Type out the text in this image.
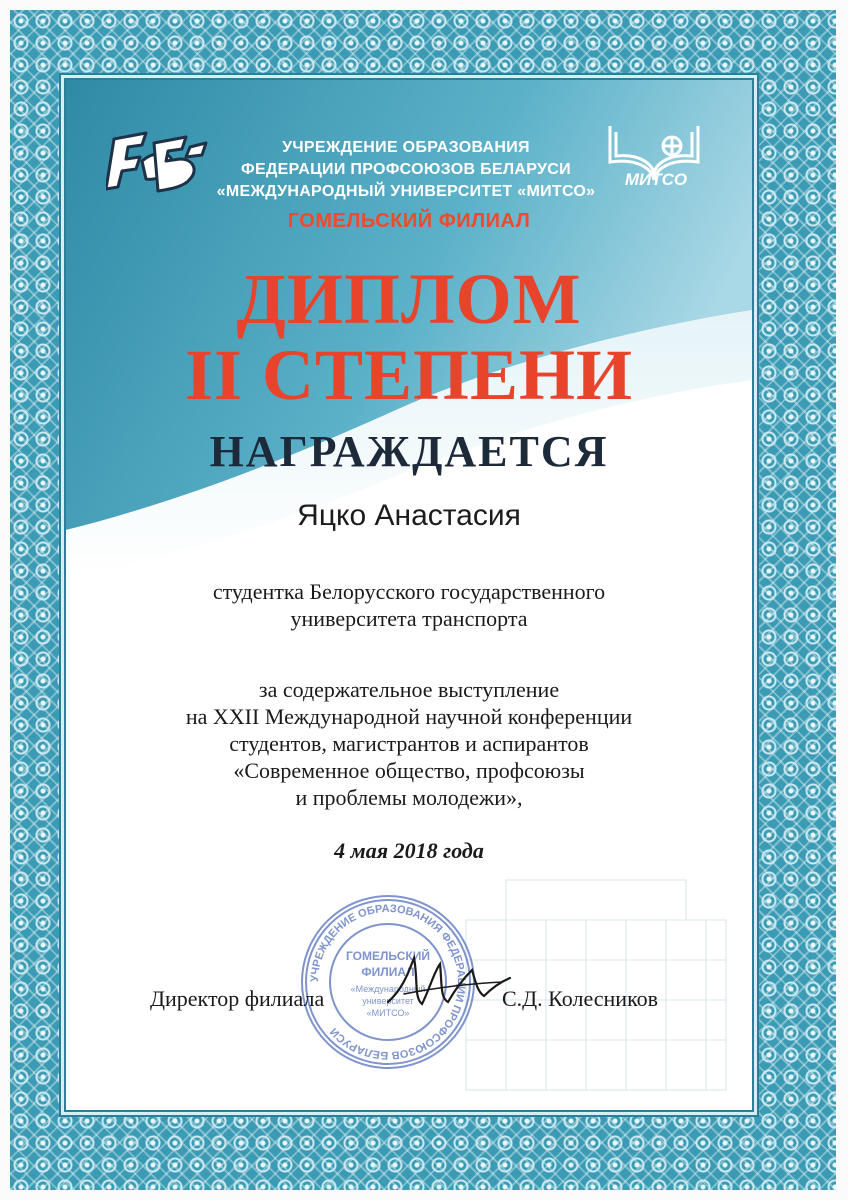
УЧРЕЖДЕНИЕ ОБРАЗОВАНИЯ
ФЕДЕРАЦИИ ПРОФСОЮЗОВ БЕЛАРУСИ
«МЕЖДУНАРОДНЫЙ УНИВЕРСИТЕТ «МИТСО»
МИТСО
ГОМЕЛЬСКИЙ ФИЛИАЛ
ДИПЛОМ
II СТЕПЕНИ
НАГРАЖДАЕТСЯ
Яцко Анастасия
студентка Белорусского государственного
университета транспорта
за содержательное выступление
на XXII Международной научной конференции
студентов, магистрантов и аспирантов
«Современное общество, профсоюзы
и проблемы молодежи»,
4 мая 2018 года
УЧРЕЖДЕНИЕ ОБРАЗОВАНИЯ ФЕДЕРАЦИИ ПРОФСОЮЗОВ БЕЛАРУСИ
ГОМЕЛЬСКИЙ
ФИЛИАЛ
«Международный
университет
«МИТСО»
Директор филиала	С.Д. Колесников
